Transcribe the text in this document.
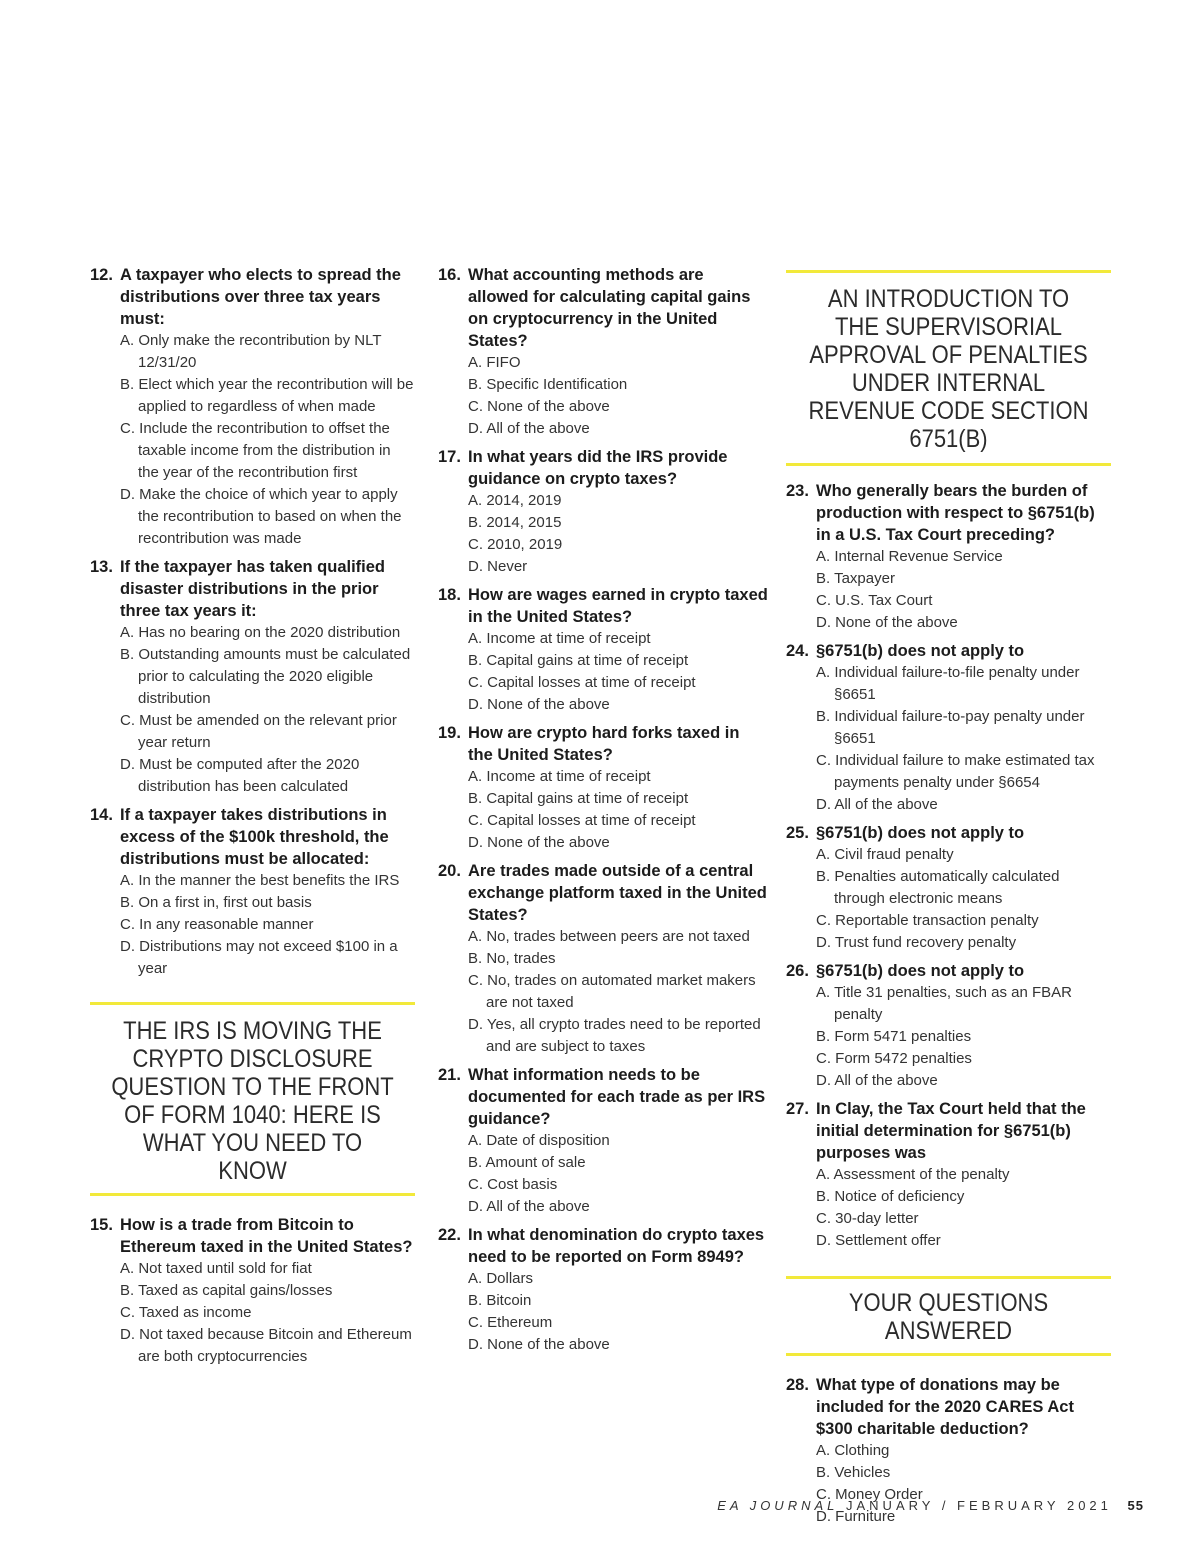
12. A taxpayer who elects to spread the distributions over three tax years must:
A. Only make the recontribution by NLT 12/31/20
B. Elect which year the recontribution will be applied to regardless of when made
C. Include the recontribution to offset the taxable income from the distribution in the year of the recontribution first
D. Make the choice of which year to apply the recontribution to based on when the recontribution was made
13. If the taxpayer has taken qualified disaster distributions in the prior three tax years it:
A. Has no bearing on the 2020 distribution
B. Outstanding amounts must be calculated prior to calculating the 2020 eligible distribution
C. Must be amended on the relevant prior year return
D. Must be computed after the 2020 distribution has been calculated
14. If a taxpayer takes distributions in excess of the $100k threshold, the distributions must be allocated:
A. In the manner the best benefits the IRS
B. On a first in, first out basis
C. In any reasonable manner
D. Distributions may not exceed $100 in a year
THE IRS IS MOVING THE CRYPTO DISCLOSURE QUESTION TO THE FRONT OF FORM 1040: HERE IS WHAT YOU NEED TO KNOW
15. How is a trade from Bitcoin to Ethereum taxed in the United States?
A. Not taxed until sold for fiat
B. Taxed as capital gains/losses
C. Taxed as income
D. Not taxed because Bitcoin and Ethereum are both cryptocurrencies
16. What accounting methods are allowed for calculating capital gains on cryptocurrency in the United States?
A. FIFO
B. Specific Identification
C. None of the above
D. All of the above
17. In what years did the IRS provide guidance on crypto taxes?
A. 2014, 2019
B. 2014, 2015
C. 2010, 2019
D. Never
18. How are wages earned in crypto taxed in the United States?
A. Income at time of receipt
B. Capital gains at time of receipt
C. Capital losses at time of receipt
D. None of the above
19. How are crypto hard forks taxed in the United States?
A. Income at time of receipt
B. Capital gains at time of receipt
C. Capital losses at time of receipt
D. None of the above
20. Are trades made outside of a central exchange platform taxed in the United States?
A. No, trades between peers are not taxed
B. No, trades
C. No, trades on automated market makers are not taxed
D. Yes, all crypto trades need to be reported and are subject to taxes
21. What information needs to be documented for each trade as per IRS guidance?
A. Date of disposition
B. Amount of sale
C. Cost basis
D. All of the above
22. In what denomination do crypto taxes need to be reported on Form 8949?
A. Dollars
B. Bitcoin
C. Ethereum
D. None of the above
AN INTRODUCTION TO THE SUPERVISORIAL APPROVAL OF PENALTIES UNDER INTERNAL REVENUE CODE SECTION 6751(B)
23. Who generally bears the burden of production with respect to §6751(b) in a U.S. Tax Court preceding?
A. Internal Revenue Service
B. Taxpayer
C. U.S. Tax Court
D. None of the above
24. §6751(b) does not apply to
A. Individual failure-to-file penalty under §6651
B. Individual failure-to-pay penalty under §6651
C. Individual failure to make estimated tax payments penalty under §6654
D. All of the above
25. §6751(b) does not apply to
A. Civil fraud penalty
B. Penalties automatically calculated through electronic means
C. Reportable transaction penalty
D. Trust fund recovery penalty
26. §6751(b) does not apply to
A. Title 31 penalties, such as an FBAR penalty
B. Form 5471 penalties
C. Form 5472 penalties
D. All of the above
27. In Clay, the Tax Court held that the initial determination for §6751(b) purposes was
A. Assessment of the penalty
B. Notice of deficiency
C. 30-day letter
D. Settlement offer
YOUR QUESTIONS ANSWERED
28. What type of donations may be included for the 2020 CARES Act $300 charitable deduction?
A. Clothing
B. Vehicles
C. Money Order
D. Furniture
EA JOURNAL JANUARY / FEBRUARY 2021 55
